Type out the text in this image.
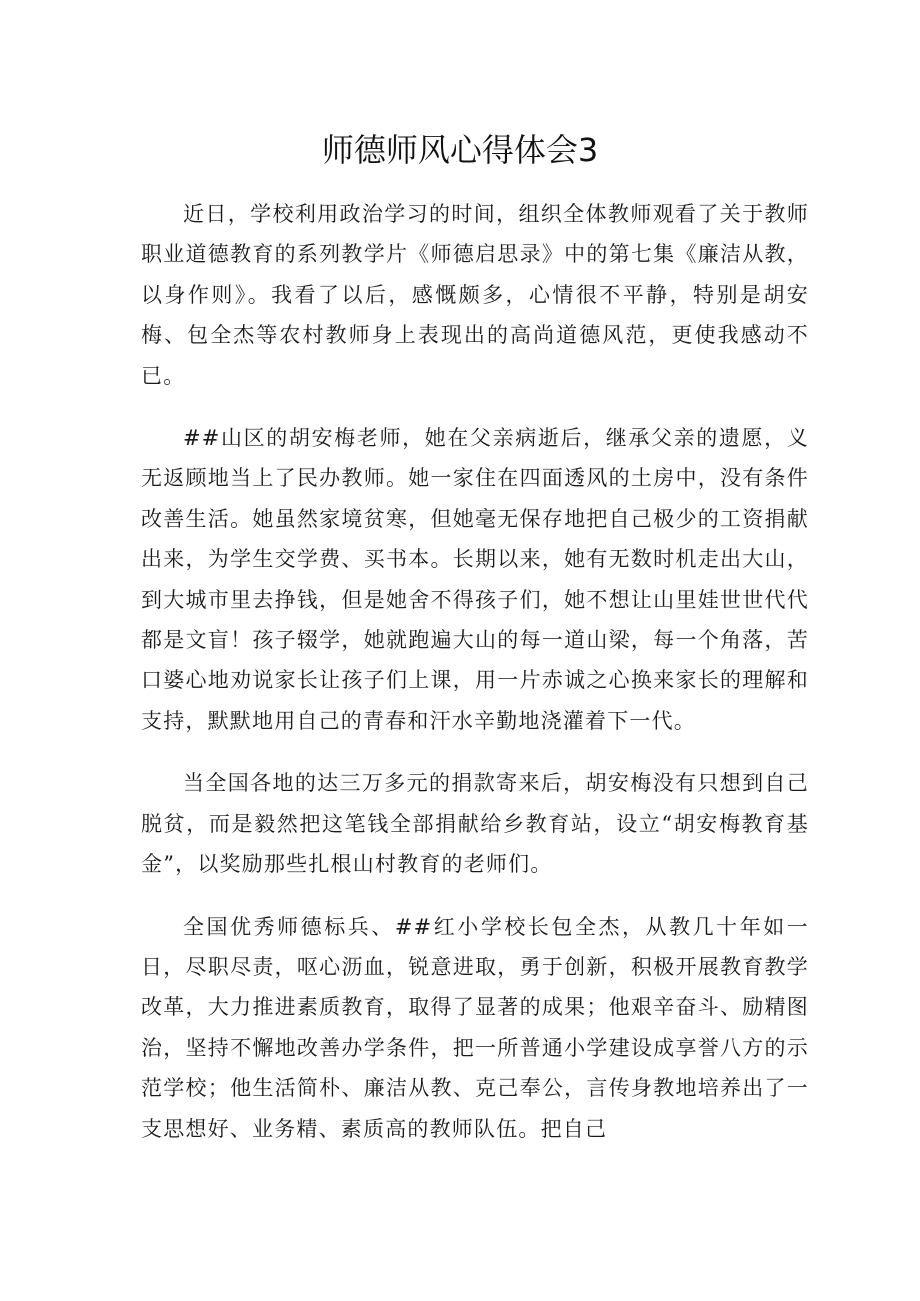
师德师风心得体会3

近日，学校利用政治学习的时间，组织全体教师观看了关于教师职业道德教育的系列教学片《师德启思录》中的第七集《廉洁从教，以身作则》。我看了以后，感慨颇多，心情很不平静，特别是胡安梅、包全杰等农村教师身上表现出的高尚道德风范，更使我感动不已。

##山区的胡安梅老师，她在父亲病逝后，继承父亲的遗愿，义无返顾地当上了民办教师。她一家住在四面透风的土房中，没有条件改善生活。她虽然家境贫寒，但她毫无保存地把自己极少的工资捐献出来，为学生交学费、买书本。长期以来，她有无数时机走出大山，到大城市里去挣钱，但是她舍不得孩子们，她不想让山里娃世世代代都是文盲！孩子辍学，她就跑遍大山的每一道山梁，每一个角落，苦口婆心地劝说家长让孩子们上课，用一片赤诚之心换来家长的理解和支持，默默地用自己的青春和汗水辛勤地浇灌着下一代。

当全国各地的达三万多元的捐款寄来后，胡安梅没有只想到自己脱贫，而是毅然把这笔钱全部捐献给乡教育站，设立“胡安梅教育基金”，以奖励那些扎根山村教育的老师们。

全国优秀师德标兵、##红小学校长包全杰，从教几十年如一日，尽职尽责，呕心沥血，锐意进取，勇于创新，积极开展教育教学改革，大力推进素质教育，取得了显著的成果；他艰辛奋斗、励精图治，坚持不懈地改善办学条件，把一所普通小学建设成享誉八方的示范学校；他生活简朴、廉洁从教、克己奉公，言传身教地培养出了一支思想好、业务精、素质高的教师队伍。把自己
